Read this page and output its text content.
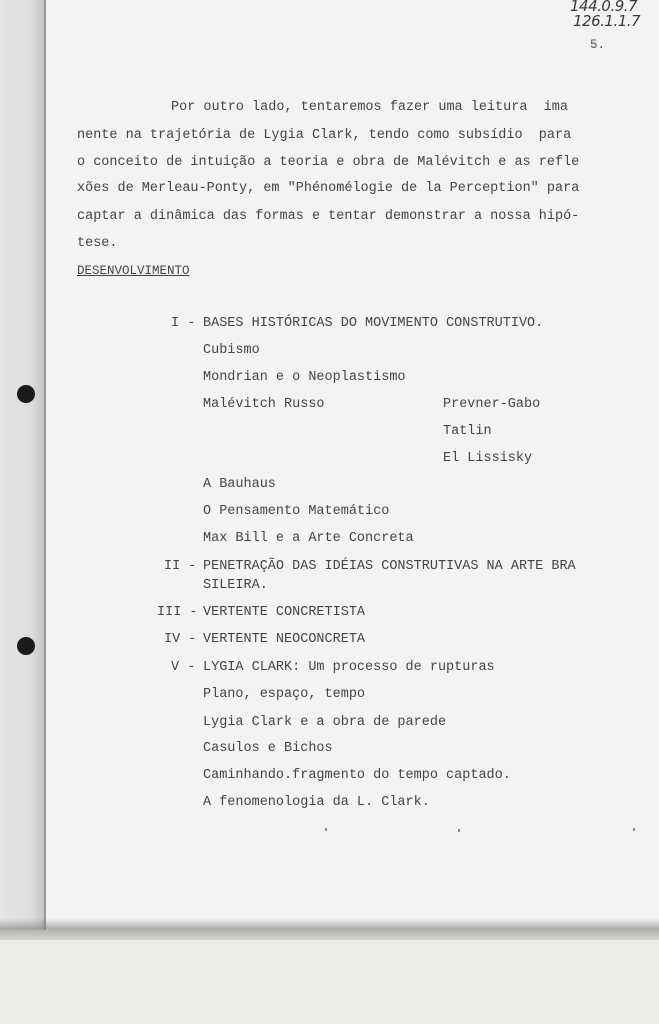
144.0.9.7
126.1.1.7
5.
Por outro lado, tentaremos fazer uma leitura  ima
nente na trajetória de Lygia Clark, tendo como subsídio  para
o conceito de intuição a teoria e obra de Malévitch e as refle
xões de Merleau-Ponty, em "Phénomélogie de la Perception" para
captar a dinâmica das formas e tentar demonstrar a nossa hipó-
tese.
DESENVOLVIMENTO
I - BASES HISTÓRICAS DO MOVIMENTO CONSTRUTIVO.
Cubismo
Mondrian e o Neoplastismo
Malévitch Russo	Prevner-Gabo
Tatlin
El Lissisky
A Bauhaus
O Pensamento Matemático
Max Bill e a Arte Concreta
II - PENETRAÇÃO DAS IDÉIAS CONSTRUTIVAS NA ARTE BRA
SILEIRA.
III - VERTENTE CONCRETISTA
IV - VERTENTE NEOCONCRETA
V - LYGIA CLARK: Um processo de rupturas
Plano, espaço, tempo
Lygia Clark e a obra de parede
Casulos e Bichos
Caminhando.fragmento do tempo captado.
A fenomenologia da L. Clark.
